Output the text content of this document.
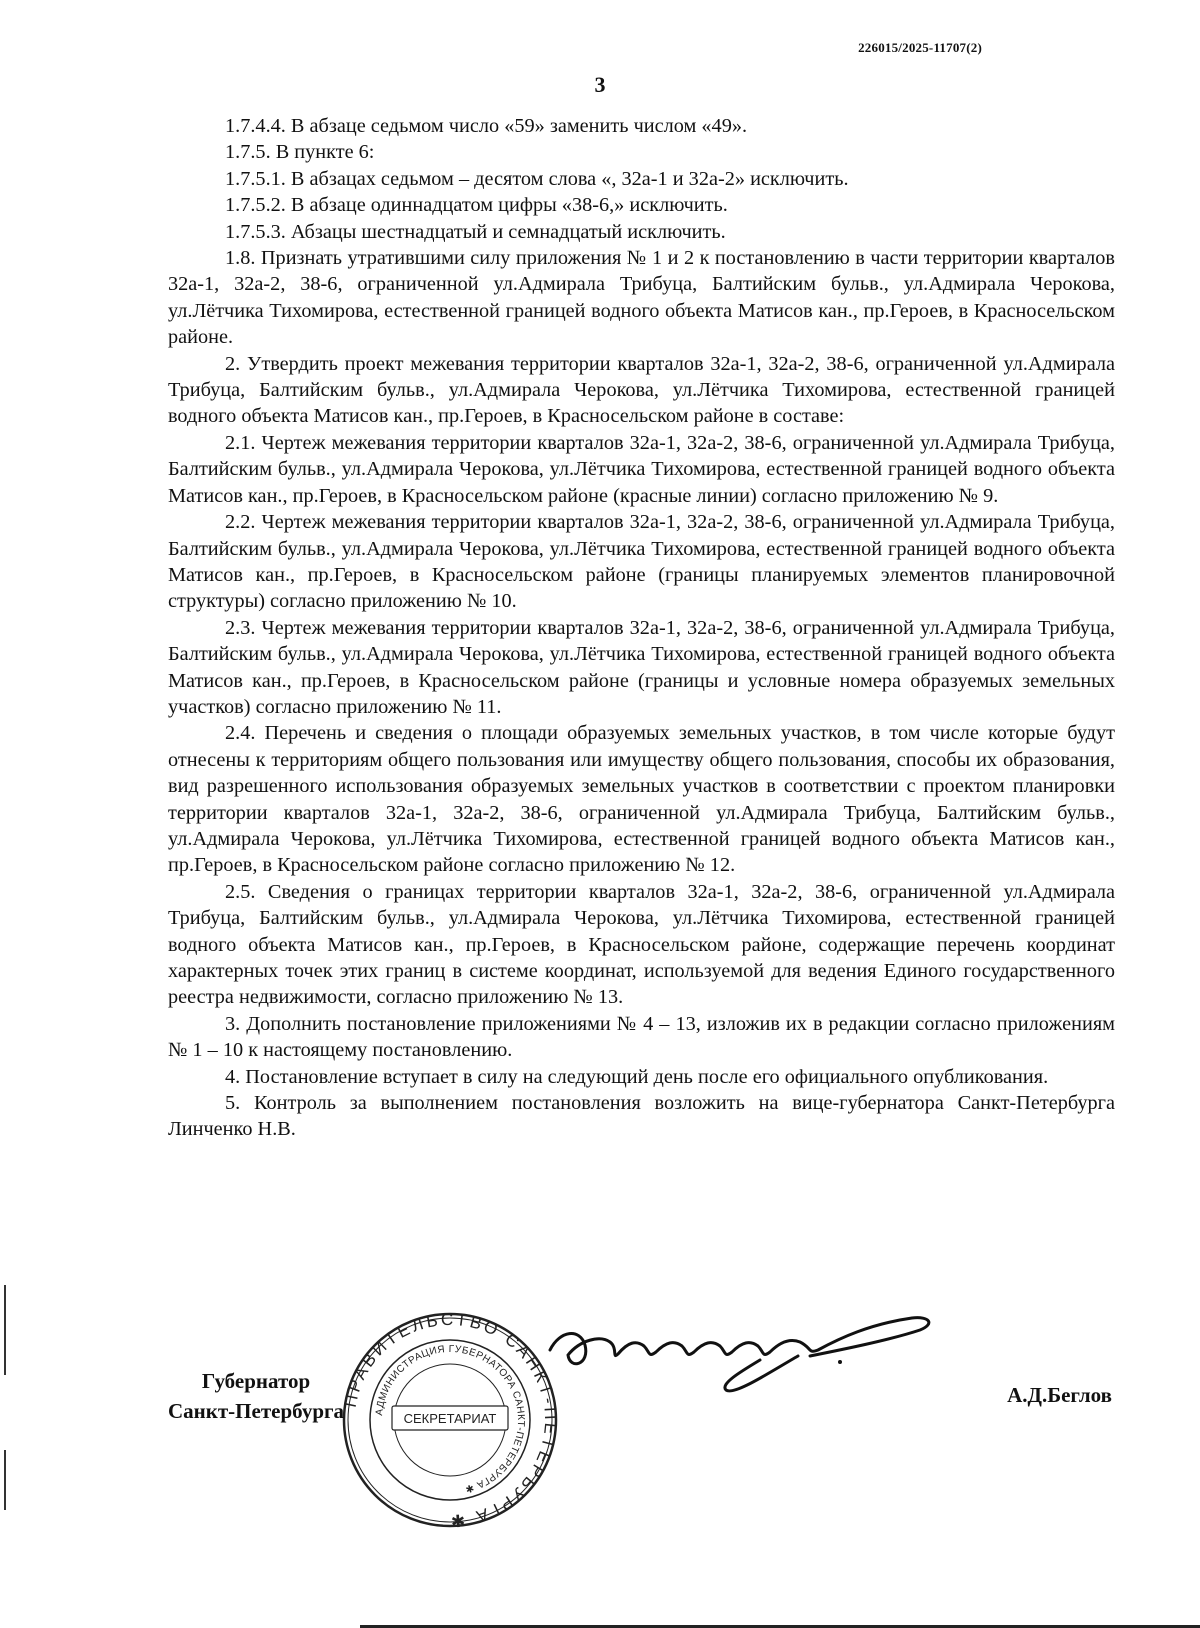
226015/2025-11707(2)
3

1.7.4.4. В абзаце седьмом число «59» заменить числом «49».

1.7.5. В пункте 6:

1.7.5.1. В абзацах седьмом – десятом слова «, 32а-1 и 32а-2» исключить.

1.7.5.2. В абзаце одиннадцатом цифры «38-6,» исключить.

1.7.5.3. Абзацы шестнадцатый и семнадцатый исключить.

1.8. Признать утратившими силу приложения № 1 и 2 к постановлению в части территории кварталов 32а-1, 32а-2, 38-6, ограниченной ул.Адмирала Трибуца, Балтийским бульв., ул.Адмирала Черокова, ул.Лётчика Тихомирова, естественной границей водного объекта Матисов кан., пр.Героев, в Красносельском районе.

2. Утвердить проект межевания территории кварталов 32а-1, 32а-2, 38-6, ограниченной ул.Адмирала Трибуца, Балтийским бульв., ул.Адмирала Черокова, ул.Лётчика Тихомирова, естественной границей водного объекта Матисов кан., пр.Героев, в Красносельском районе в составе:

2.1. Чертеж межевания территории кварталов 32а-1, 32а-2, 38-6, ограниченной ул.Адмирала Трибуца, Балтийским бульв., ул.Адмирала Черокова, ул.Лётчика Тихомирова, естественной границей водного объекта Матисов кан., пр.Героев, в Красносельском районе (красные линии) согласно приложению № 9.

2.2. Чертеж межевания территории кварталов 32а-1, 32а-2, 38-6, ограниченной ул.Адмирала Трибуца, Балтийским бульв., ул.Адмирала Черокова, ул.Лётчика Тихомирова, естественной границей водного объекта Матисов кан., пр.Героев, в Красносельском районе (границы планируемых элементов планировочной структуры) согласно приложению № 10.

2.3. Чертеж межевания территории кварталов 32а-1, 32а-2, 38-6, ограниченной ул.Адмирала Трибуца, Балтийским бульв., ул.Адмирала Черокова, ул.Лётчика Тихомирова, естественной границей водного объекта Матисов кан., пр.Героев, в Красносельском районе (границы и условные номера образуемых земельных участков) согласно приложению № 11.

2.4. Перечень и сведения о площади образуемых земельных участков, в том числе которые будут отнесены к территориям общего пользования или имуществу общего пользования, способы их образования, вид разрешенного использования образуемых земельных участков в соответствии с проектом планировки территории кварталов 32а-1, 32а-2, 38-6, ограниченной ул.Адмирала Трибуца, Балтийским бульв., ул.Адмирала Черокова, ул.Лётчика Тихомирова, естественной границей водного объекта Матисов кан., пр.Героев, в Красносельском районе согласно приложению № 12.

2.5. Сведения о границах территории кварталов 32а-1, 32а-2, 38-6, ограниченной ул.Адмирала Трибуца, Балтийским бульв., ул.Адмирала Черокова, ул.Лётчика Тихомирова, естественной границей водного объекта Матисов кан., пр.Героев, в Красносельском районе, содержащие перечень координат характерных точек этих границ в системе координат, используемой для ведения Единого государственного реестра недвижимости, согласно приложению № 13.

3. Дополнить постановление приложениями № 4 – 13, изложив их в редакции согласно приложениям № 1 – 10 к настоящему постановлению.

4. Постановление вступает в силу на следующий день после его официального опубликования.

5. Контроль за выполнением постановления возложить на вице-губернатора Санкт-Петербурга Линченко Н.В.

ПРАВИТЕЛЬСТВО САНКТ-ПЕТЕРБУРГА ✱
АДМИНИСТРАЦИЯ ГУБЕРНАТОРА САНКТ-ПЕТЕРБУРГА ✱
СЕКРЕТАРИАТ
Губернатор
Санкт-Петербурга
А.Д.Беглов
